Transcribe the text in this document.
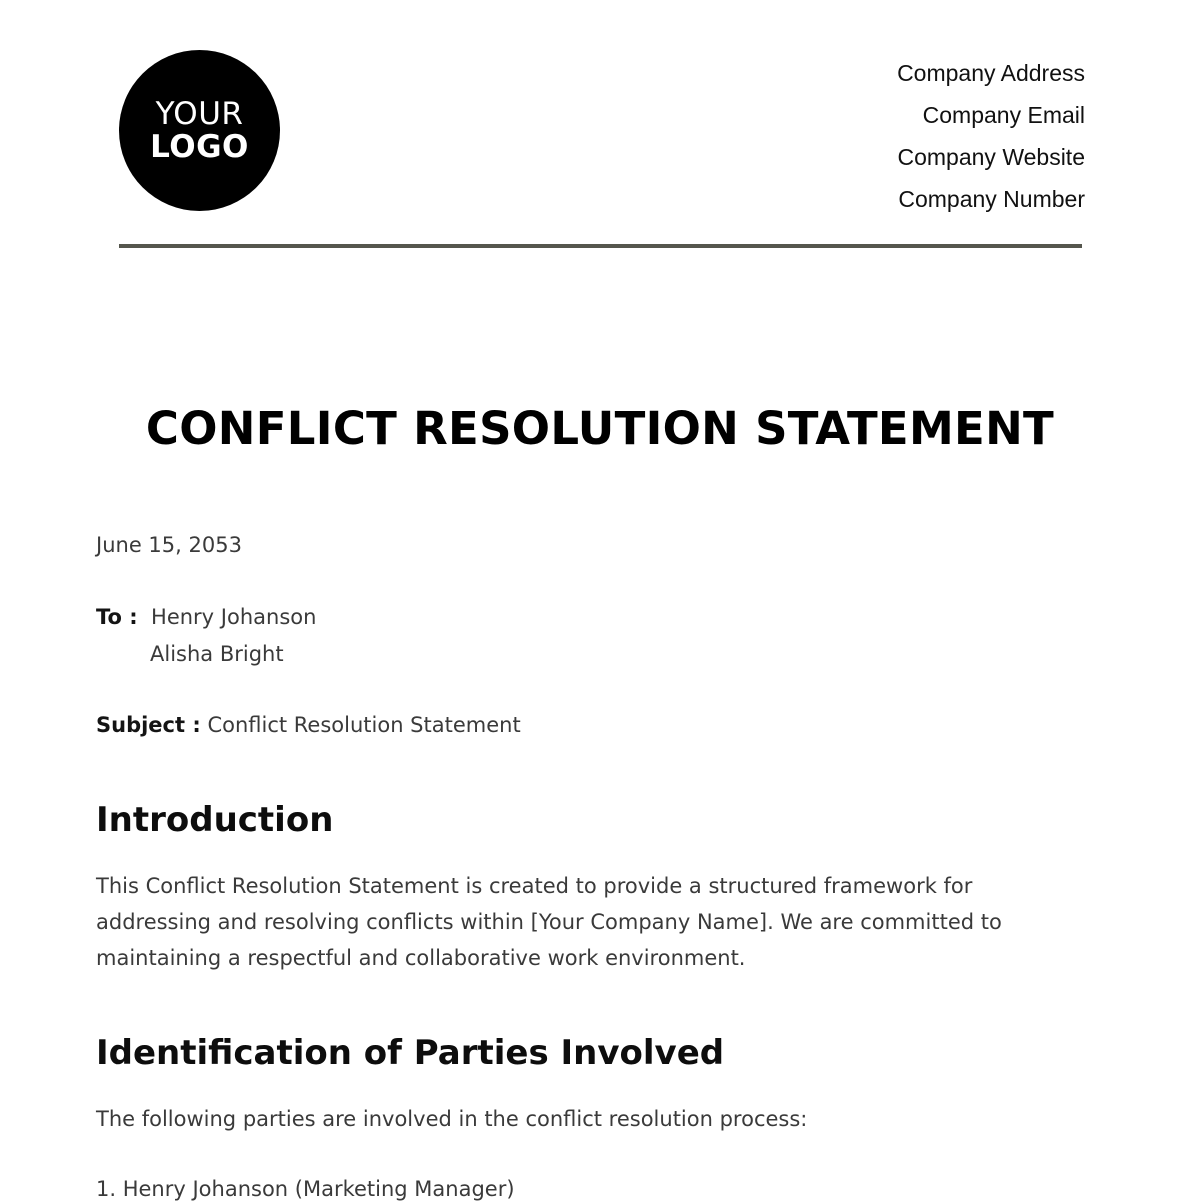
YOUR
LOGO
Company Address
Company Email
Company Website
Company Number
CONFLICT RESOLUTION STATEMENT
June 15, 2053
To : Henry Johanson
Alisha Bright
Subject : Conflict Resolution Statement
Introduction

This Conflict Resolution Statement is created to provide a structured framework for addressing and resolving conflicts within [Your Company Name]. We are committed to maintaining a respectful and collaborative work environment.

Identification of Parties Involved

The following parties are involved in the conflict resolution process:

1. Henry Johanson (Marketing Manager)
